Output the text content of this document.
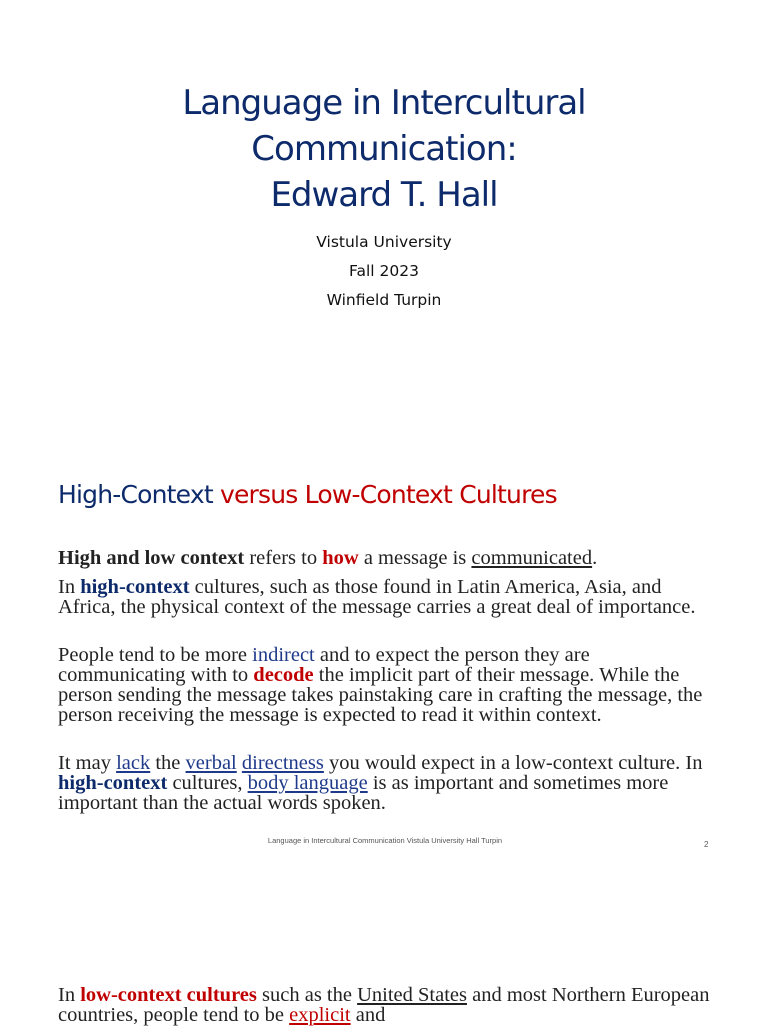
Language in Intercultural
Communication:
Edward T. Hall
Vistula University
Fall 2023
Winfield Turpin
High-Context versus Low-Context Cultures

High and low context refers to how a message is communicated.

In high-context cultures, such as those found in Latin America, Asia, and Africa, the physical context of the message carries a great deal of importance.

People tend to be more indirect and to expect the person they are communicating with to decode the implicit part of their message. While the person sending the message takes painstaking care in crafting the message, the person receiving the message is expected to read it within context.

It may lack the verbal directness you would expect in a low-context culture. In high-context cultures, body language is as important and sometimes more important than the actual words spoken.

Language in Intercultural Communication Vistula University Hall Turpin	2

In low-context cultures such as the United States and most Northern European countries, people tend to be explicit and
